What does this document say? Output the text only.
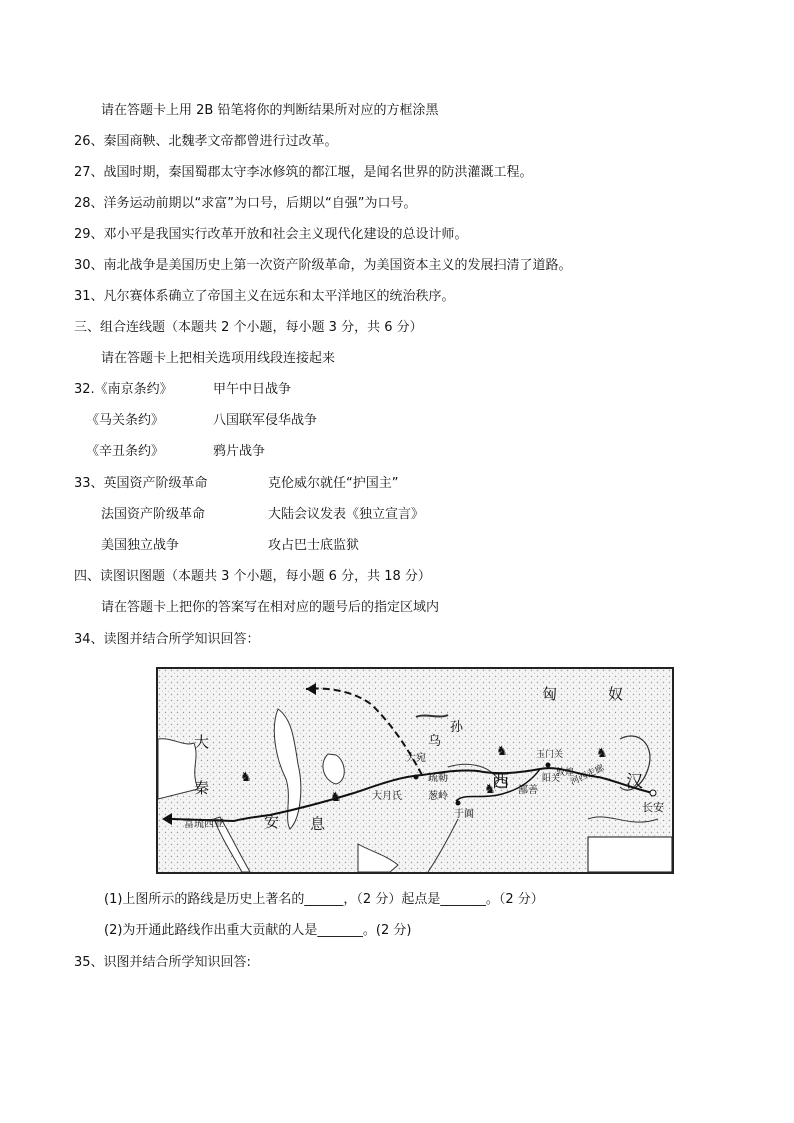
请在答题卡上用 2B 铅笔将你的判断结果所对应的方框涂黑
26、秦国商鞅、北魏孝文帝都曾进行过改革。
27、战国时期，秦国蜀郡太守李冰修筑的都江堰，是闻名世界的防洪灌溉工程。
28、洋务运动前期以“求富”为口号，后期以“自强”为口号。
29、邓小平是我国实行改革开放和社会主义现代化建设的总设计师。
30、南北战争是美国历史上第一次资产阶级革命，为美国资本主义的发展扫清了道路。
31、凡尔赛体系确立了帝国主义在远东和太平洋地区的统治秩序。
三、组合连线题（本题共 2 个小题，每小题 3 分，共 6 分）
请在答题卡上把相关选项用线段连接起来
32.《南京条约》	甲午中日战争
《马关条约》	八国联军侵华战争
《辛丑条约》	鸦片战争
33、英国资产阶级革命	克伦威尔就任“护国主”
法国资产阶级革命	大陆会议发表《独立宣言》
美国独立战争	攻占巴士底监狱
四、读图识图题（本题共 3 个小题，每小题 6 分，共 18 分）
请在答题卡上把你的答案写在相对应的题号后的指定区域内
34、读图并结合所学知识回答：
♞
♞
♞	♞
♞
匈	奴
乌
孙
大
秦
安 息
西	汉
大宛
疏勒
大月氏	葱岭
于阗
鄯善
阳关
玉门关
敦煌
河西走廊
长安
富琉西亚
(1)上图所示的路线是历史上著名的______，（2 分）起点是_______。（2 分）
(2)为开通此路线作出重大贡献的人是_______。(2 分)
35、识图并结合所学知识回答:
